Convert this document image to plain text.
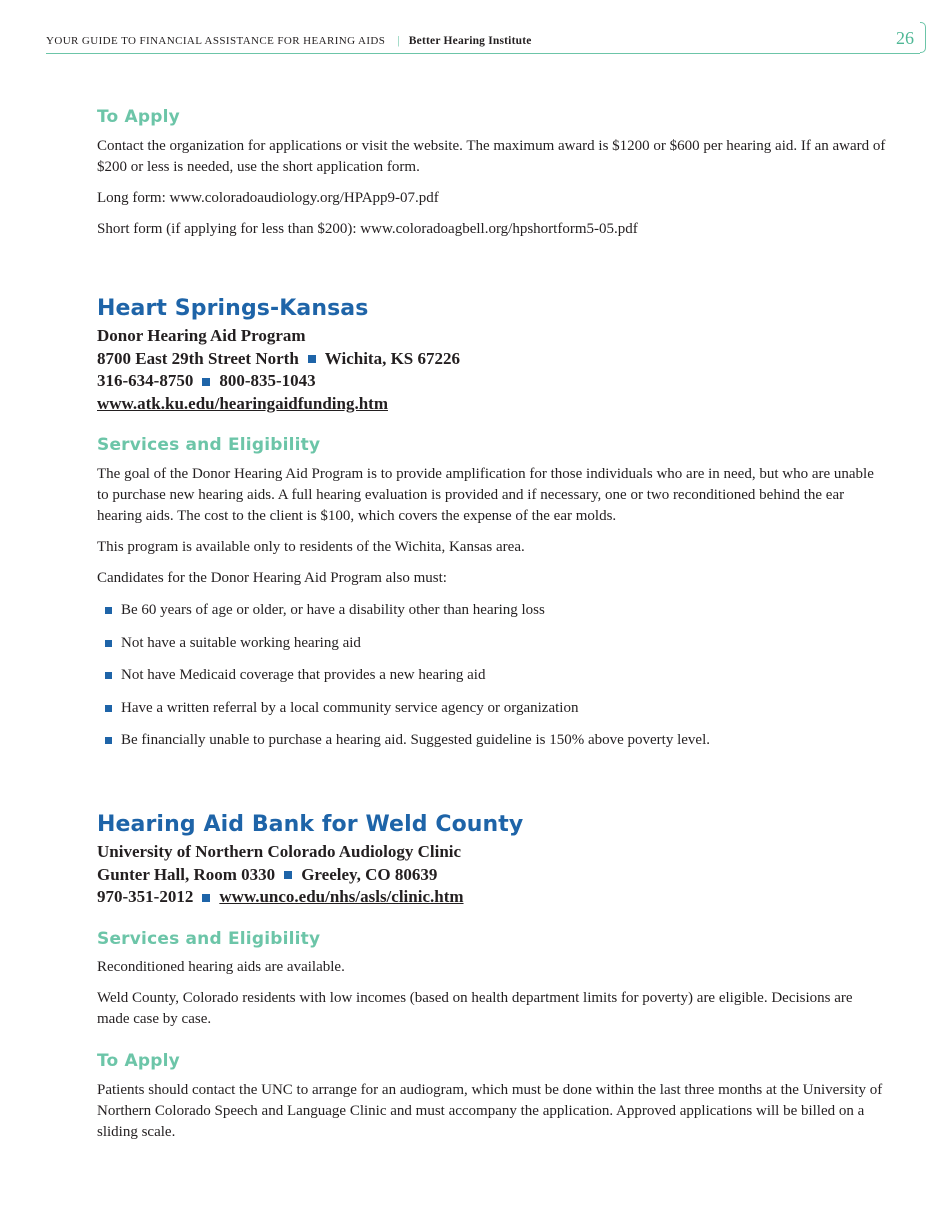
YOUR GUIDE TO FINANCIAL ASSISTANCE FOR HEARING AIDS | Better Hearing Institute	26
To Apply

Contact the organization for applications or visit the website. The maximum award is $1200 or $600 per hearing aid. If an award of $200 or less is needed, use the short application form.

Long form: www.coloradoaudiology.org/HPApp9-07.pdf

Short form (if applying for less than $200): www.coloradoagbell.org/hpshortform5-05.pdf

Heart Springs-Kansas
Donor Hearing Aid Program
8700 East 29th Street North Wichita, KS 67226
316-634-8750 800-835-1043
www.atk.ku.edu/hearingaidfunding.htm
Services and Eligibility

The goal of the Donor Hearing Aid Program is to provide amplification for those individuals who are in need, but who are unable to purchase new hearing aids. A full hearing evaluation is provided and if necessary, one or two reconditioned behind the ear hearing aids. The cost to the client is $100, which covers the expense of the ear molds.

This program is available only to residents of the Wichita, Kansas area.

Candidates for the Donor Hearing Aid Program also must:

Be 60 years of age or older, or have a disability other than hearing loss
Not have a suitable working hearing aid
Not have Medicaid coverage that provides a new hearing aid
Have a written referral by a local community service agency or organization
Be financially unable to purchase a hearing aid. Suggested guideline is 150% above poverty level.
Hearing Aid Bank for Weld County
University of Northern Colorado Audiology Clinic
Gunter Hall, Room 0330 Greeley, CO 80639
970-351-2012 www.unco.edu/nhs/asls/clinic.htm
Services and Eligibility

Reconditioned hearing aids are available.

Weld County, Colorado residents with low incomes (based on health department limits for poverty) are eligible. Decisions are made case by case.

To Apply

Patients should contact the UNC to arrange for an audiogram, which must be done within the last three months at the University of Northern Colorado Speech and Language Clinic and must accompany the application. Approved applications will be billed on a sliding scale.
